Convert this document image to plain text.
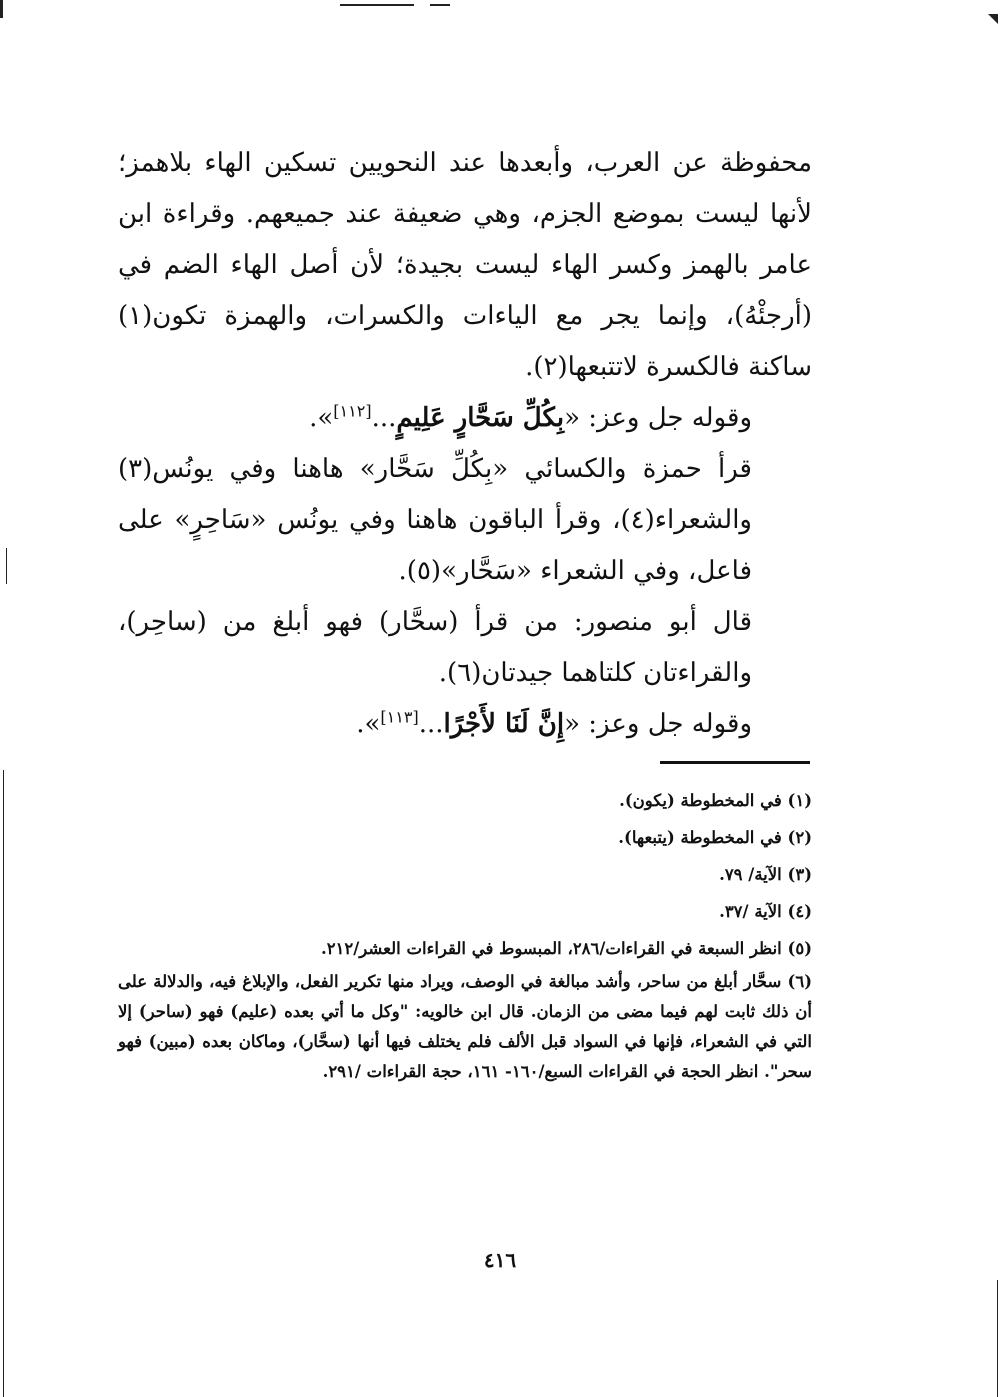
محفوظة عن العرب، وأبعدها عند النحويين تسكين الهاء بلاهمز؛ لأنها ليست بموضع الجزم، وهي ضعيفة عند جميعهم. وقراءة ابن عامر بالهمز وكسر الهاء ليست بجيدة؛ لأن أصل الهاء الضم في (أرجئْهُ)، وإنما يجر مع الياءات والكسرات، والهمزة تكون(١) ساكنة فالكسرة لاتتبعها(٢).

وقوله جل وعز: «بِكُلِّ سَحَّارٍ عَلِيمٍ...[١١٢]».

قرأ حمزة والكسائي «بِكُلِّ سَحَّار» هاهنا وفي يونُس(٣) والشعراء(٤)، وقرأ الباقون هاهنا وفي يونُس «سَاحِرٍ» على فاعل، وفي الشعراء «سَحَّار»(٥).

قال أبو منصور: من قرأ (سحَّار) فهو أبلغ من (ساحِر)، والقراءتان كلتاهما جيدتان(٦).

وقوله جل وعز: «إِنَّ لَنَا لأَجْرًا...[١١٣]».

(١) في المخطوطة (يكون).

(٢) في المخطوطة (يتبعها).

(٣) الآية/ ٧٩.

(٤) الآية /٣٧.

(٥) انظر السبعة في القراءات/٢٨٦، المبسوط في القراءات العشر/٢١٢.

(٦) سحَّار أبلغ من ساحر، وأشد مبالغة في الوصف، ويراد منها تكرير الفعل، والإبلاغ فيه، والدلالة على أن ذلك ثابت لهم فيما مضى من الزمان. قال ابن خالويه: "وكل ما أتي بعده (عليم) فهو (ساحر) إلا التي في الشعراء، فإنها في السواد قبل الألف فلم يختلف فيها أنها (سحَّار)، وماكان بعده (مبين) فهو سحر". انظر الحجة في القراءات السبع/١٦٠- ١٦١، حجة القراءات /٢٩١.

٤١٦
